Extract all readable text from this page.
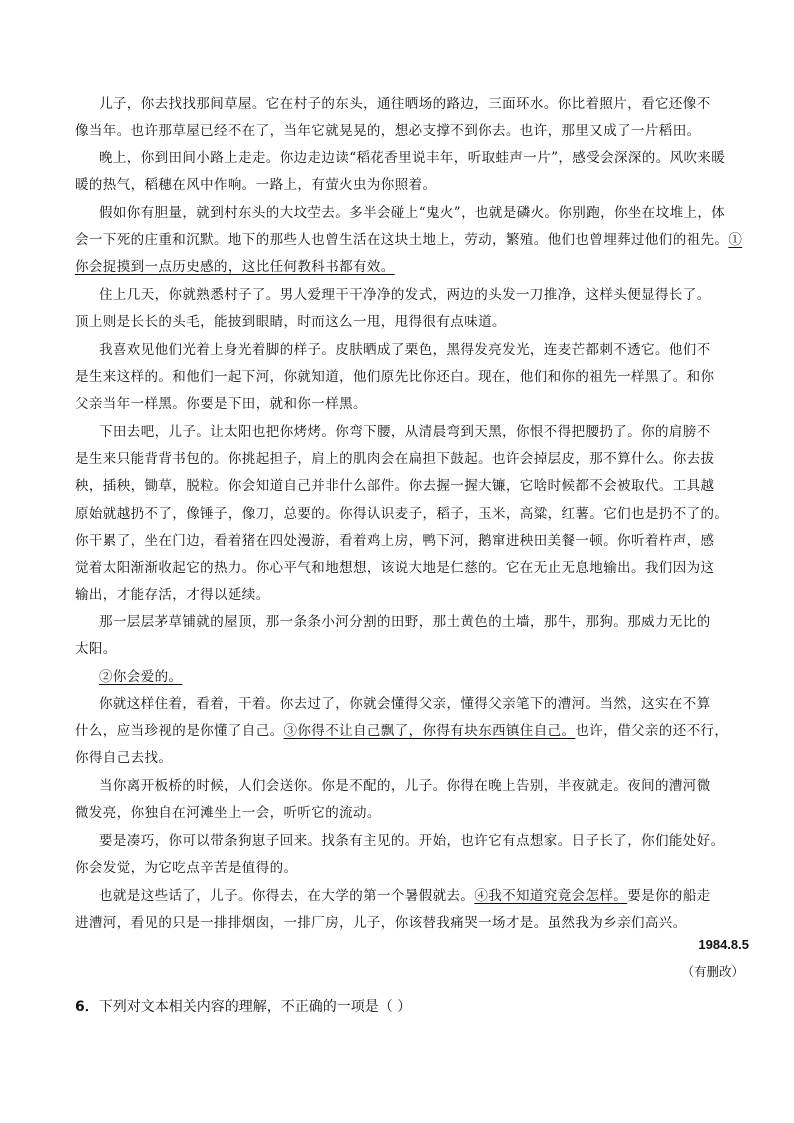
儿子，你去找找那间草屋。它在村子的东头，通往晒场的路边，三面环水。你比着照片，看它还像不
像当年。也许那草屋已经不在了，当年它就晃晃的，想必支撑不到你去。也许，那里又成了一片稻田。
晚上，你到田间小路上走走。你边走边读“稻花香里说丰年，听取蛙声一片”，感受会深深的。风吹来暖
暖的热气，稻穗在风中作响。一路上，有萤火虫为你照着。
假如你有胆量，就到村东头的大坟茔去。多半会碰上“鬼火”，也就是磷火。你别跑，你坐在坟堆上，体
会一下死的庄重和沉默。地下的那些人也曾生活在这块土地上，劳动，繁殖。他们也曾埋葬过他们的祖先。①
你会捉摸到一点历史感的，这比任何教科书都有效。
住上几天，你就熟悉村子了。男人爱理干干净净的发式，两边的头发一刀推净，这样头便显得长了。
顶上则是长长的头毛，能披到眼睛，时而这么一甩，甩得很有点味道。
我喜欢见他们光着上身光着脚的样子。皮肤晒成了栗色，黑得发亮发光，连麦芒都刺不透它。他们不
是生来这样的。和他们一起下河，你就知道，他们原先比你还白。现在，他们和你的祖先一样黑了。和你
父亲当年一样黑。你要是下田，就和你一样黑。
下田去吧，儿子。让太阳也把你烤烤。你弯下腰，从清晨弯到天黑，你恨不得把腰扔了。你的肩膀不
是生来只能背背书包的。你挑起担子，肩上的肌肉会在扁担下鼓起。也许会掉层皮，那不算什么。你去拔
秧，插秧，锄草，脱粒。你会知道自己并非什么部件。你去握一握大镰，它啥时候都不会被取代。工具越
原始就越扔不了，像锤子，像刀，总要的。你得认识麦子，稻子，玉米，高粱，红薯。它们也是扔不了的。
你干累了，坐在门边，看着猪在四处漫游，看着鸡上房，鸭下河，鹅窜进秧田美餐一顿。你听着杵声，感
觉着太阳渐渐收起它的热力。你心平气和地想想，该说大地是仁慈的。它在无止无息地输出。我们因为这
输出，才能存活，才得以延续。
那一层层茅草铺就的屋顶，那一条条小河分割的田野，那土黄色的土墙，那牛，那狗。那威力无比的
太阳。
②你会爱的。
你就这样住着，看着，干着。你去过了，你就会懂得父亲，懂得父亲笔下的漕河。当然，这实在不算
什么，应当珍视的是你懂了自己。③你得不让自己飘了，你得有块东西镇住自己。也许，借父亲的还不行，
你得自己去找。
当你离开板桥的时候，人们会送你。你是不配的，儿子。你得在晚上告别，半夜就走。夜间的漕河微
微发亮，你独自在河滩坐上一会，听听它的流动。
要是凑巧，你可以带条狗崽子回来。找条有主见的。开始，也许它有点想家。日子长了，你们能处好。
你会发觉，为它吃点辛苦是值得的。
也就是这些话了，儿子。你得去，在大学的第一个暑假就去。④我不知道究竟会怎样。要是你的船走
进漕河，看见的只是一排排烟囱，一排厂房，儿子，你该替我痛哭一场才是。虽然我为乡亲们高兴。
1984.8.5
（有删改）
6．下列对文本相关内容的理解，不正确的一项是（ ）
